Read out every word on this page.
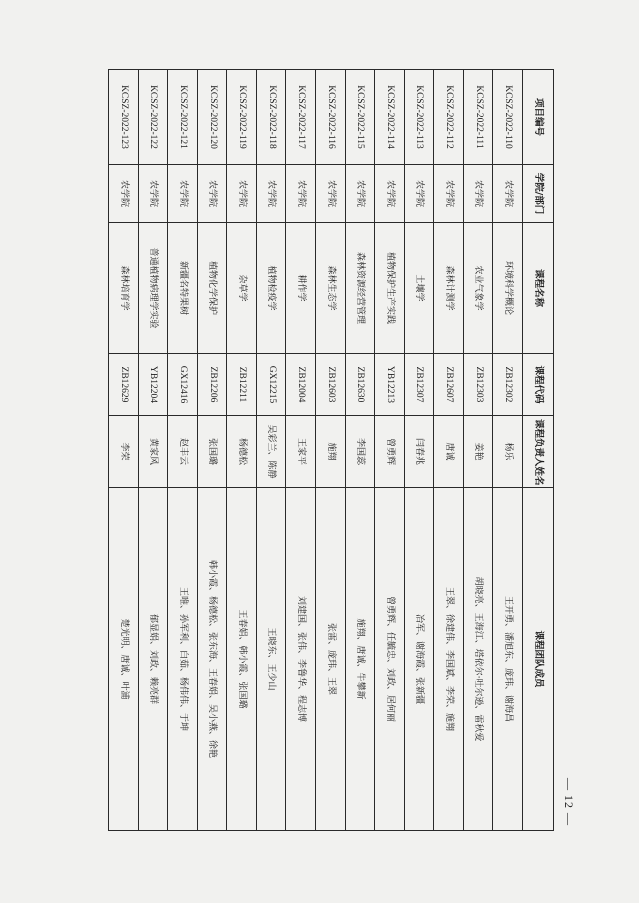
项目编号	学院/部门	课程名称	课程代码	课程负责人姓名	课程团队成员
KCSZ-2022-110	农学院	环境科学概论	ZB12302	杨乐	王开勇、潘旭东、庞玮、谢海昌
KCSZ-2022-111	农学院	农业气象学	ZB12303	姜艳	胡晓亮、王海江、塔依尔·吐尔逊、雷秋爱
KCSZ-2022-112	农学院	森林计测学	ZB12607	唐诚	王翠、徐建伟、李国斌、李荣、施翔
KCSZ-2022-113	农学院	土壤学	ZB12307	闫春兆	冶军、谢海霞、张新疆
KCSZ-2022-114	农学院	植物保护生产实践	YB12213	曾勇辉	曾勇辉、任毓忠、刘政、居何丽
KCSZ-2022-115	农学院	森林资源经营管理	ZB12630	李国蕊	施翔、唐诚、牛攀新
KCSZ-2022-116	农学院	森林生态学	ZB12603	施翔	张雷、庞玮、王翠
KCSZ-2022-117	农学院	耕作学	ZB12004	王家平	刘建国、张伟、李鲁华、程志博
KCSZ-2022-118	农学院	植物检疫学	GX12215	吴彩兰、陈静	王晓东、王少山
KCSZ-2022-119	农学院	杂草学	ZB12211	杨德松	王春娟、韩小霞、张国璐
KCSZ-2022-120	农学院	植物化学保护	ZB12206	张国璐	韩小霞、杨德松、张东海、王春娟、吴小燕、徐艳
KCSZ-2022-121	农学院	新疆名特果树	GX12416	赵丰云	王唯、孙军利、白茹、杨伟伟、于坤
KCSZ-2022-122	农学院	普通植物病理学实验	YB12204	黄家风	郁显娟、刘政、赖亮群
KCSZ-2022-123	农学院	森林培育学	ZB12629	李荣	楚光明、唐诚、叶浦
— 12 —
